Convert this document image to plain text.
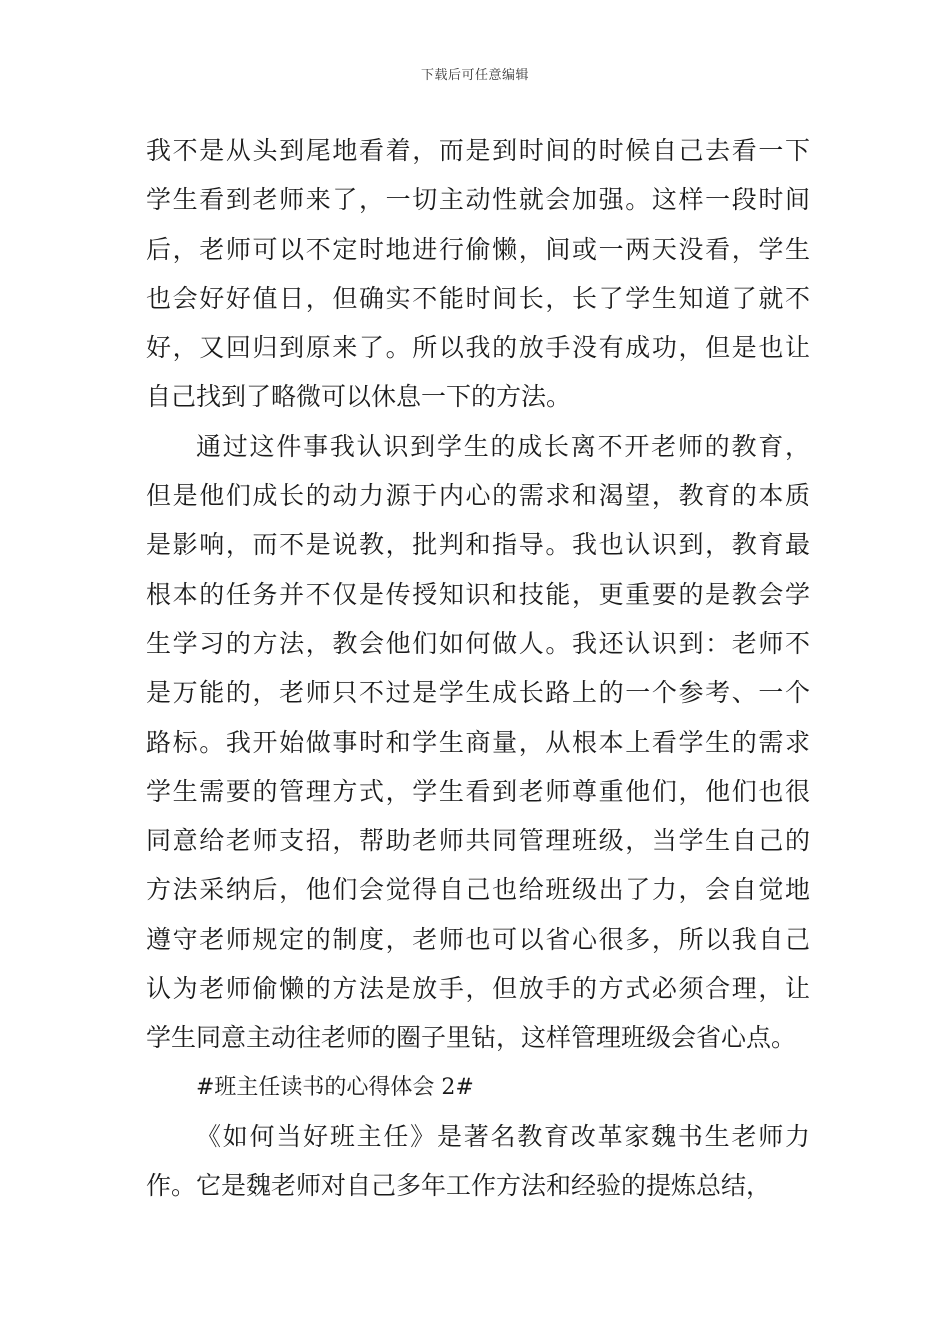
下载后可任意编辑
我不是从头到尾地看着，而是到时间的时候自己去看一下
学生看到老师来了，一切主动性就会加强。这样一段时间
后，老师可以不定时地进行偷懒，间或一两天没看，学生
也会好好值日，但确实不能时间长，长了学生知道了就不
好，又回归到原来了。所以我的放手没有成功，但是也让
自己找到了略微可以休息一下的方法。
通过这件事我认识到学生的成长离不开老师的教育，
但是他们成长的动力源于内心的需求和渴望，教育的本质
是影响，而不是说教，批判和指导。我也认识到，教育最
根本的任务并不仅是传授知识和技能，更重要的是教会学
生学习的方法，教会他们如何做人。我还认识到：老师不
是万能的，老师只不过是学生成长路上的一个参考、一个
路标。我开始做事时和学生商量，从根本上看学生的需求
学生需要的管理方式，学生看到老师尊重他们，他们也很
同意给老师支招，帮助老师共同管理班级，当学生自己的
方法采纳后，他们会觉得自己也给班级出了力，会自觉地
遵守老师规定的制度，老师也可以省心很多，所以我自己
认为老师偷懒的方法是放手，但放手的方式必须合理，让
学生同意主动往老师的圈子里钻，这样管理班级会省心点。
#班主任读书的心得体会 2#
《如何当好班主任》是著名教育改革家魏书生老师力
作。它是魏老师对自己多年工作方法和经验的提炼总结，
